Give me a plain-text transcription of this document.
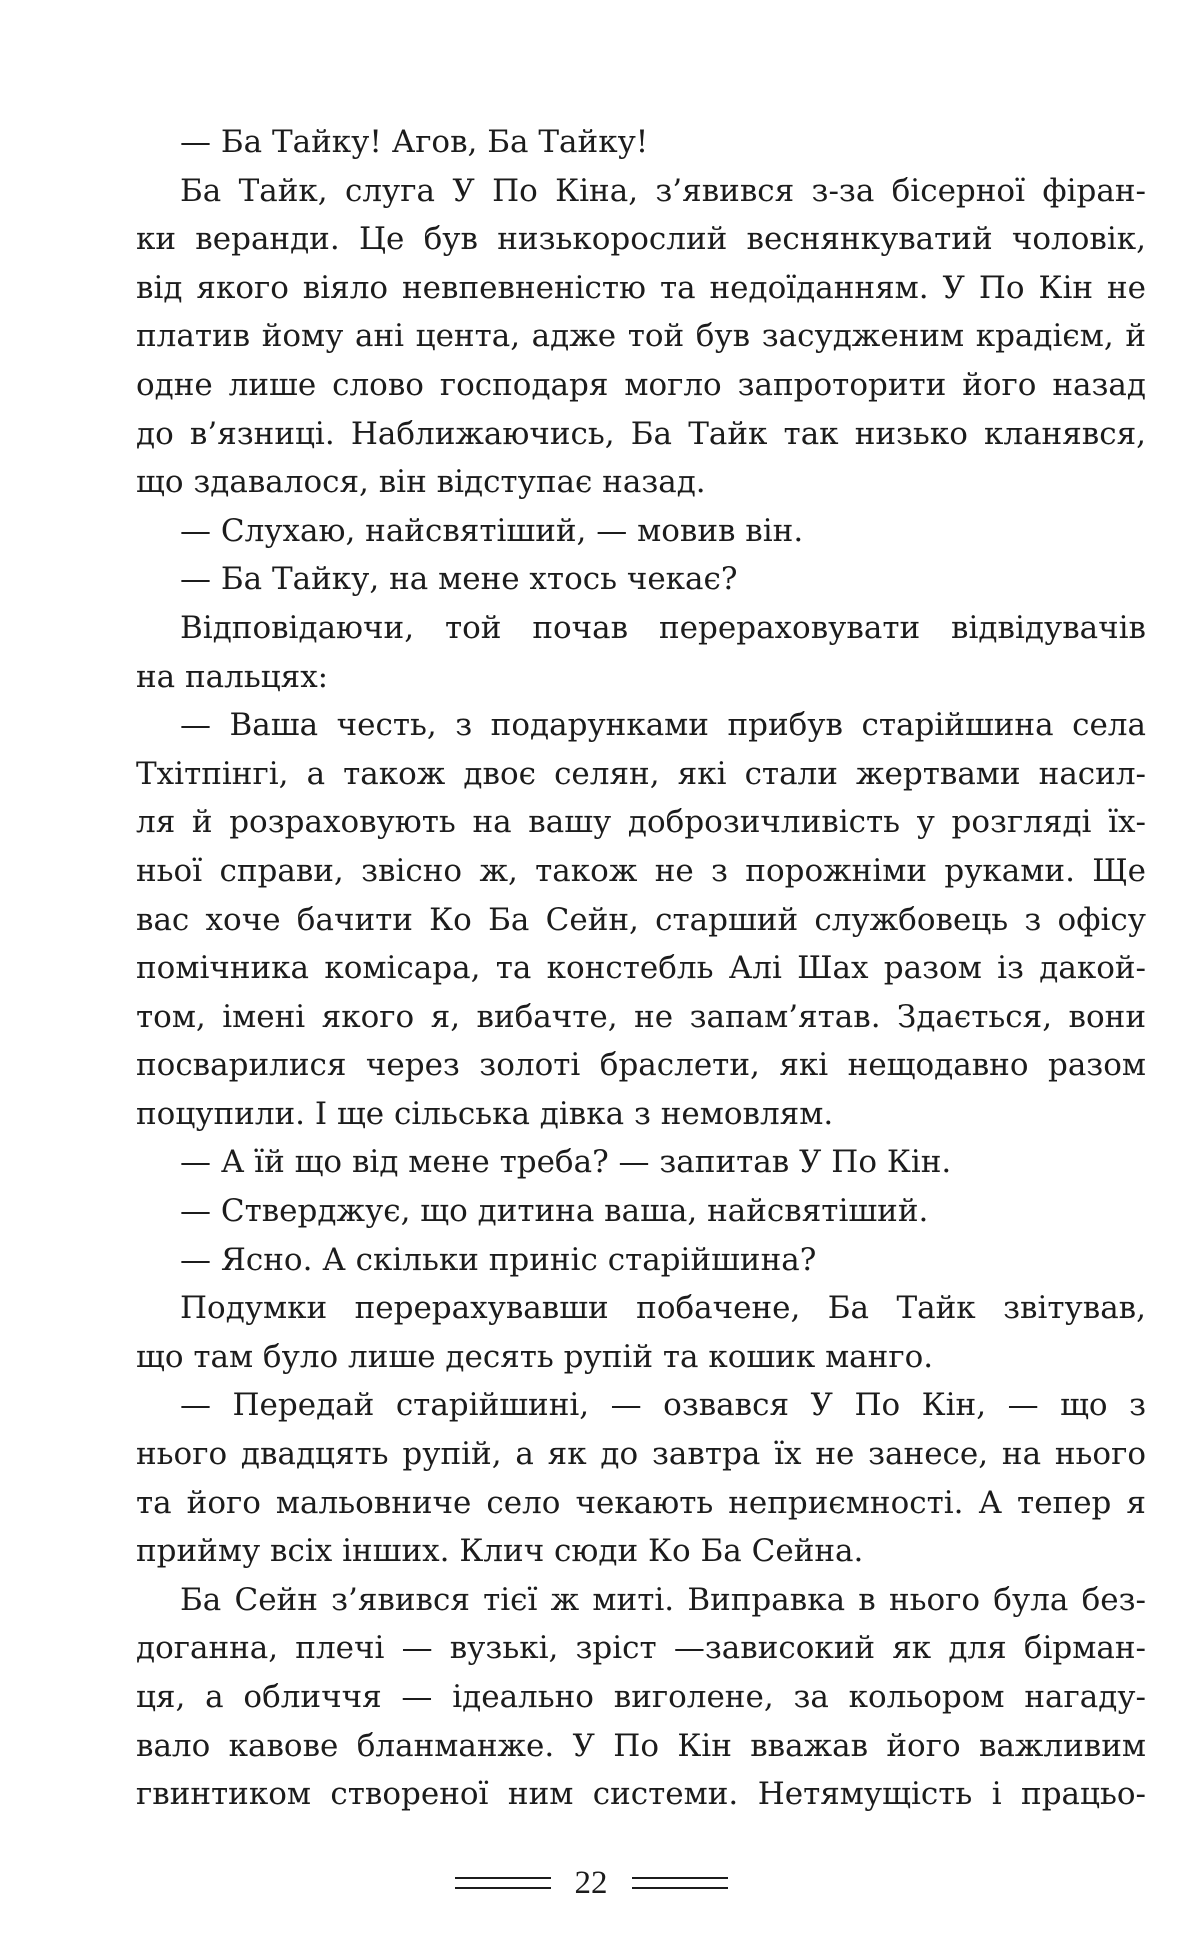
— Ба Тайку! Агов, Ба Тайку!
Ба Тайк, слуга У По Кіна, з’явився з-за бісерної фіран-
ки веранди. Це був низькорослий веснянкуватий чоловік,
від якого віяло невпевненістю та недоїданням. У По Кін не
платив йому ані цента, адже той був засудженим крадієм, й
одне лише слово господаря могло запроторити його назад
до в’язниці. Наближаючись, Ба Тайк так низько кланявся,
що здавалося, він відступає назад.
— Слухаю, найсвятіший, — мовив він.
— Ба Тайку, на мене хтось чекає?
Відповідаючи, той почав перераховувати відвідувачів
на пальцях:
— Ваша честь, з подарунками прибув старійшина села
Тхітпінгі, а також двоє селян, які стали жертвами насил-
ля й розраховують на вашу доброзичливість у розгляді їх-
ньої справи, звісно ж, також не з порожніми руками. Ще
вас хоче бачити Ко Ба Сейн, старший службовець з офісу
помічника комісара, та констебль Алі Шах разом із дакой-
том, імені якого я, вибачте, не запам’ятав. Здається, вони
посварилися через золоті браслети, які нещодавно разом
поцупили. І ще сільська дівка з немовлям.
— А їй що від мене треба? — запитав У По Кін.
— Стверджує, що дитина ваша, найсвятіший.
— Ясно. А скільки приніс старійшина?
Подумки перерахувавши побачене, Ба Тайк звітував,
що там було лише десять рупій та кошик манго.
— Передай старійшині, — озвався У По Кін, — що з
нього двадцять рупій, а як до завтра їх не занесе, на нього
та його мальовниче село чекають неприємності. А тепер я
прийму всіх інших. Клич сюди Ко Ба Сейна.
Ба Сейн з’явився тієї ж миті. Виправка в нього була без-
доганна, плечі — вузькі, зріст —зависокий як для бірман-
ця, а обличчя — ідеально виголене, за кольором нагаду-
вало кавове бланманже. У По Кін вважав його важливим
гвинтиком створеної ним системи. Нетямущість і працьо-
22
